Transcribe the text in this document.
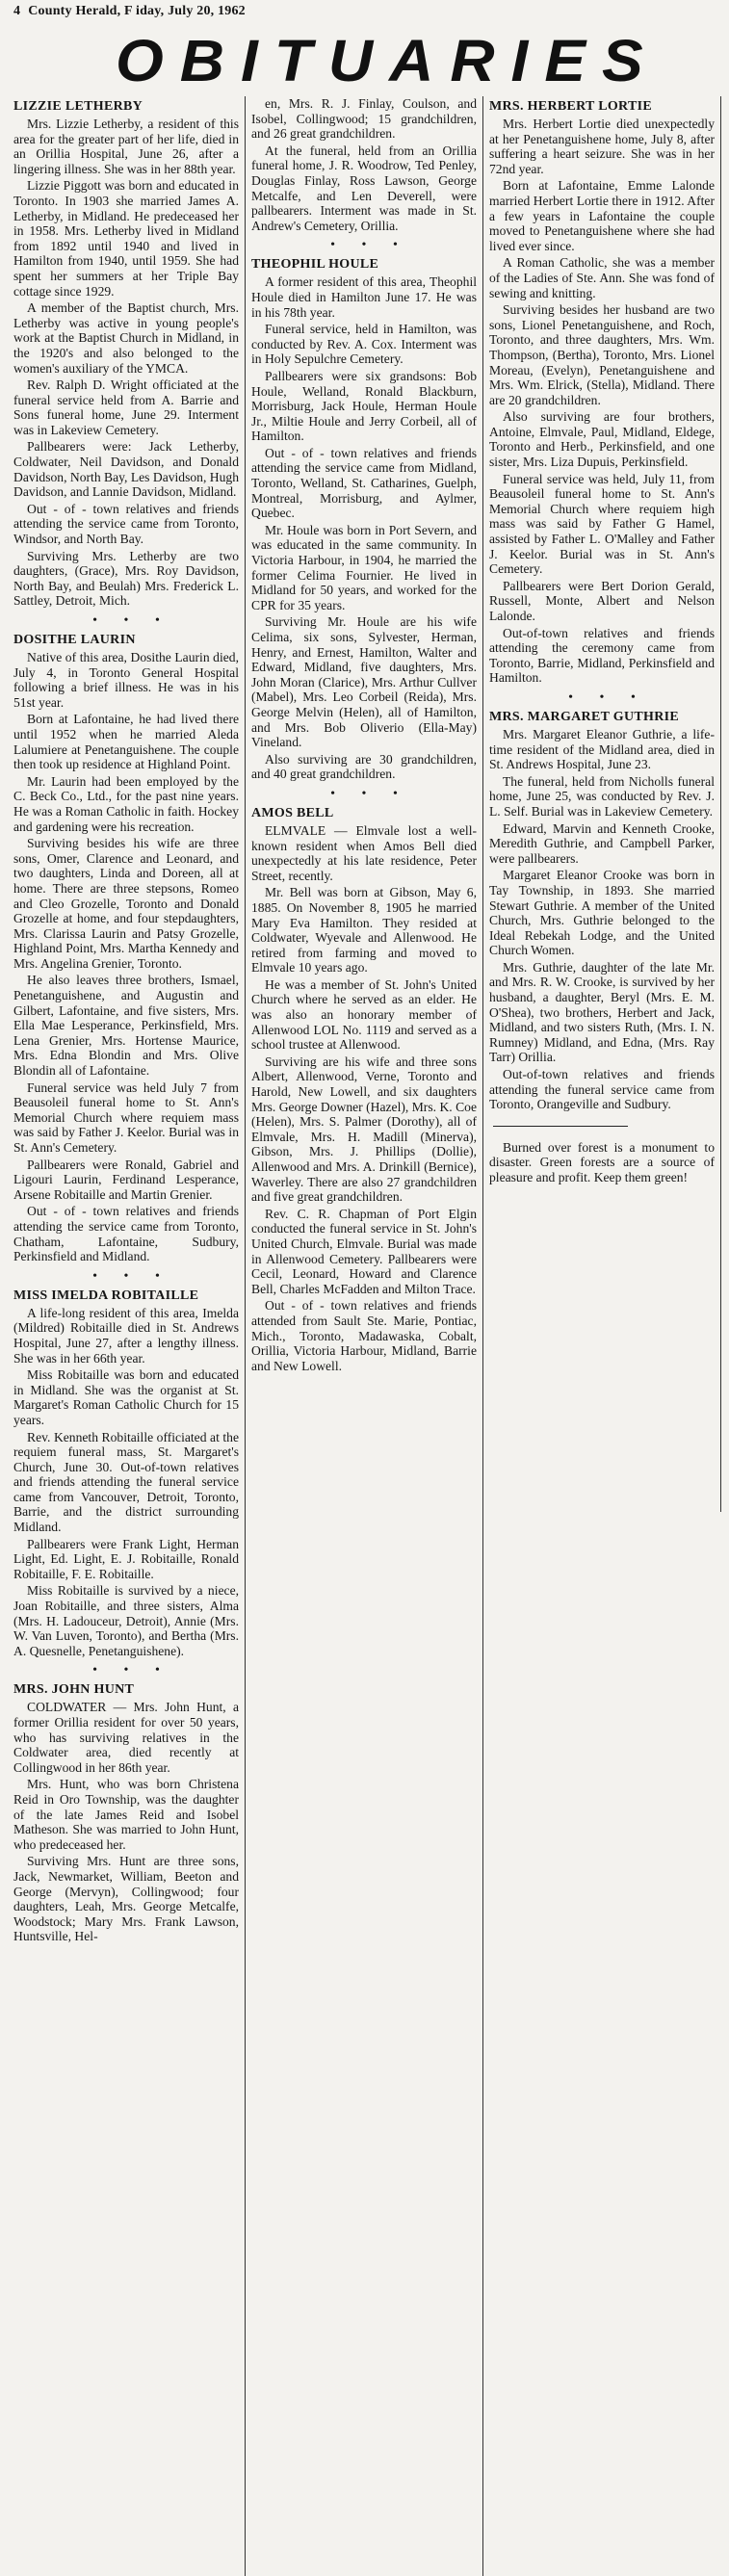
4 County Herald, F iday, July 20, 1962
OBITUARIES
LIZZIE LETHERBY

Mrs. Lizzie Letherby, a resident of this area for the greater part of her life, died in an Orillia Hospital, June 26, after a lingering illness. She was in her 88th year.

Lizzie Piggott was born and educated in Toronto. In 1903 she married James A. Letherby, in Midland. He predeceased her in 1958. Mrs. Letherby lived in Midland from 1892 until 1940 and lived in Hamilton from 1940, until 1959. She had spent her summers at her Triple Bay cottage since 1929.

A member of the Baptist church, Mrs. Letherby was active in young people's work at the Baptist Church in Midland, in the 1920's and also belonged to the women's auxiliary of the YMCA.

Rev. Ralph D. Wright officiated at the funeral service held from A. Barrie and Sons funeral home, June 29. Interment was in Lakeview Cemetery.

Pallbearers were: Jack Letherby, Coldwater, Neil Davidson, and Donald Davidson, North Bay, Les Davidson, Hugh Davidson, and Lannie Davidson, Midland.

Out - of - town relatives and friends attending the service came from Toronto, Windsor, and North Bay.

Surviving Mrs. Letherby are two daughters, (Grace), Mrs. Roy Davidson, North Bay, and Beulah) Mrs. Frederick L. Sattley, Detroit, Mich.

• • •
DOSITHE LAURIN

Native of this area, Dosithe Laurin died, July 4, in Toronto General Hospital following a brief illness. He was in his 51st year.

Born at Lafontaine, he had lived there until 1952 when he married Aleda Lalumiere at Penetanguishene. The couple then took up residence at Highland Point.

Mr. Laurin had been employed by the C. Beck Co., Ltd., for the past nine years. He was a Roman Catholic in faith. Hockey and gardening were his recreation.

Surviving besides his wife are three sons, Omer, Clarence and Leonard, and two daughters, Linda and Doreen, all at home. There are three stepsons, Romeo and Cleo Grozelle, Toronto and Donald Grozelle at home, and four stepdaughters, Mrs. Clarissa Laurin and Patsy Grozelle, Highland Point, Mrs. Martha Kennedy and Mrs. Angelina Grenier, Toronto.

He also leaves three brothers, Ismael, Penetanguishene, and Augustin and Gilbert, Lafontaine, and five sisters, Mrs. Ella Mae Lesperance, Perkinsfield, Mrs. Lena Grenier, Mrs. Hortense Maurice, Mrs. Edna Blondin and Mrs. Olive Blondin all of Lafontaine.

Funeral service was held July 7 from Beausoleil funeral home to St. Ann's Memorial Church where requiem mass was said by Father J. Keelor. Burial was in St. Ann's Cemetery.

Pallbearers were Ronald, Gabriel and Ligouri Laurin, Ferdinand Lesperance, Arsene Robitaille and Martin Grenier.

Out - of - town relatives and friends attending the service came from Toronto, Chatham, Lafontaine, Sudbury, Perkinsfield and Midland.

• • •
MISS IMELDA ROBITAILLE

A life-long resident of this area, Imelda (Mildred) Robitaille died in St. Andrews Hospital, June 27, after a lengthy illness. She was in her 66th year.

Miss Robitaille was born and educated in Midland. She was the organist at St. Margaret's Roman Catholic Church for 15 years.

Rev. Kenneth Robitaille officiated at the requiem funeral mass, St. Margaret's Church, June 30. Out-of-town relatives and friends attending the funeral service came from Vancouver, Detroit, Toronto, Barrie, and the district surrounding Midland.

Pallbearers were Frank Light, Herman Light, Ed. Light, E. J. Robitaille, Ronald Robitaille, F. E. Robitaille.

Miss Robitaille is survived by a niece, Joan Robitaille, and three sisters, Alma (Mrs. H. Ladouceur, Detroit), Annie (Mrs. W. Van Luven, Toronto), and Bertha (Mrs. A. Quesnelle, Penetanguishene).

• • •
MRS. JOHN HUNT

COLDWATER — Mrs. John Hunt, a former Orillia resident for over 50 years, who has surviving relatives in the Coldwater area, died recently at Collingwood in her 86th year.

Mrs. Hunt, who was born Christena Reid in Oro Township, was the daughter of the late James Reid and Isobel Matheson. She was married to John Hunt, who predeceased her.

Surviving Mrs. Hunt are three sons, Jack, Newmarket, William, Beeton and George (Mervyn), Collingwood; four daughters, Leah, Mrs. George Metcalfe, Woodstock; Mary Mrs. Frank Lawson, Huntsville, Hel-

en, Mrs. R. J. Finlay, Coulson, and Isobel, Collingwood; 15 grandchildren, and 26 great grandchildren.

At the funeral, held from an Orillia funeral home, J. R. Woodrow, Ted Penley, Douglas Finlay, Ross Lawson, George Metcalfe, and Len Deverell, were pallbearers. Interment was made in St. Andrew's Cemetery, Orillia.

• • •
THEOPHIL HOULE

A former resident of this area, Theophil Houle died in Hamilton June 17. He was in his 78th year.

Funeral service, held in Hamilton, was conducted by Rev. A. Cox. Interment was in Holy Sepulchre Cemetery.

Pallbearers were six grandsons: Bob Houle, Welland, Ronald Blackburn, Morrisburg, Jack Houle, Herman Houle Jr., Miltie Houle and Jerry Corbeil, all of Hamilton.

Out - of - town relatives and friends attending the service came from Midland, Toronto, Welland, St. Catharines, Guelph, Montreal, Morrisburg, and Aylmer, Quebec.

Mr. Houle was born in Port Severn, and was educated in the same community. In Victoria Harbour, in 1904, he married the former Celima Fournier. He lived in Midland for 50 years, and worked for the CPR for 35 years.

Surviving Mr. Houle are his wife Celima, six sons, Sylvester, Herman, Henry, and Ernest, Hamilton, Walter and Edward, Midland, five daughters, Mrs. John Moran (Clarice), Mrs. Arthur Cullver (Mabel), Mrs. Leo Corbeil (Reida), Mrs. George Melvin (Helen), all of Hamilton, and Mrs. Bob Oliverio (Ella-May) Vineland.

Also surviving are 30 grandchildren, and 40 great grandchildren.

• • •
AMOS BELL

ELMVALE — Elmvale lost a well-known resident when Amos Bell died unexpectedly at his late residence, Peter Street, recently.

Mr. Bell was born at Gibson, May 6, 1885. On November 8, 1905 he married Mary Eva Hamilton. They resided at Coldwater, Wyevale and Allenwood. He retired from farming and moved to Elmvale 10 years ago.

He was a member of St. John's United Church where he served as an elder. He was also an honorary member of Allenwood LOL No. 1119 and served as a school trustee at Allenwood.

Surviving are his wife and three sons Albert, Allenwood, Verne, Toronto and Harold, New Lowell, and six daughters Mrs. George Downer (Hazel), Mrs. K. Coe (Helen), Mrs. S. Palmer (Dorothy), all of Elmvale, Mrs. H. Madill (Minerva), Gibson, Mrs. J. Phillips (Dollie), Allenwood and Mrs. A. Drinkill (Bernice), Waverley. There are also 27 grandchildren and five great grandchildren.

Rev. C. R. Chapman of Port Elgin conducted the funeral service in St. John's United Church, Elmvale. Burial was made in Allenwood Cemetery. Pallbearers were Cecil, Leonard, Howard and Clarence Bell, Charles McFadden and Milton Trace.

Out - of - town relatives and friends attended from Sault Ste. Marie, Pontiac, Mich., Toronto, Madawaska, Cobalt, Orillia, Victoria Harbour, Midland, Barrie and New Lowell.

MRS. HERBERT LORTIE

Mrs. Herbert Lortie died unexpectedly at her Penetanguishene home, July 8, after suffering a heart seizure. She was in her 72nd year.

Born at Lafontaine, Emme Lalonde married Herbert Lortie there in 1912. After a few years in Lafontaine the couple moved to Penetanguishene where she had lived ever since.

A Roman Catholic, she was a member of the Ladies of Ste. Ann. She was fond of sewing and knitting.

Surviving besides her husband are two sons, Lionel Penetanguishene, and Roch, Toronto, and three daughters, Mrs. Wm. Thompson, (Bertha), Toronto, Mrs. Lionel Moreau, (Evelyn), Penetanguishene and Mrs. Wm. Elrick, (Stella), Midland. There are 20 grandchildren.

Also surviving are four brothers, Antoine, Elmvale, Paul, Midland, Eldege, Toronto and Herb., Perkinsfield, and one sister, Mrs. Liza Dupuis, Perkinsfield.

Funeral service was held, July 11, from Beausoleil funeral home to St. Ann's Memorial Church where requiem high mass was said by Father G Hamel, assisted by Father L. O'Malley and Father J. Keelor. Burial was in St. Ann's Cemetery.

Pallbearers were Bert Dorion Gerald, Russell, Monte, Albert and Nelson Lalonde.

Out-of-town relatives and friends attending the ceremony came from Toronto, Barrie, Midland, Perkinsfield and Hamilton.

• • •
MRS. MARGARET GUTHRIE

Mrs. Margaret Eleanor Guthrie, a life-time resident of the Midland area, died in St. Andrews Hospital, June 23.

The funeral, held from Nicholls funeral home, June 25, was conducted by Rev. J. L. Self. Burial was in Lakeview Cemetery.

Edward, Marvin and Kenneth Crooke, Meredith Guthrie, and Campbell Parker, were pallbearers.

Margaret Eleanor Crooke was born in Tay Township, in 1893. She married Stewart Guthrie. A member of the United Church, Mrs. Guthrie belonged to the Ideal Rebekah Lodge, and the United Church Women.

Mrs. Guthrie, daughter of the late Mr. and Mrs. R. W. Crooke, is survived by her husband, a daughter, Beryl (Mrs. E. M. O'Shea), two brothers, Herbert and Jack, Midland, and two sisters Ruth, (Mrs. I. N. Rumney) Midland, and Edna, (Mrs. Ray Tarr) Orillia.

Out-of-town relatives and friends attending the funeral service came from Toronto, Orangeville and Sudbury.

Burned over forest is a monument to disaster. Green forests are a source of pleasure and profit. Keep them green!
